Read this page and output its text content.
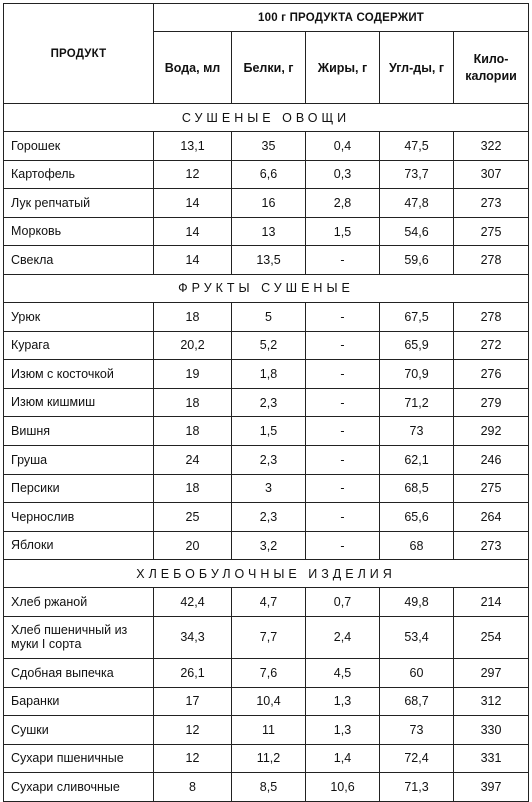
ПРОДУКТ	100 г ПРОДУКТА СОДЕРЖИТ				
	Вода, мл	Белки, г	Жиры, г	Угл-ды, г	Кило-
калории
СУШЕНЫЕ ОВОЩИ					
Горошек	13,1	35	0,4	47,5	322
Картофель	12	6,6	0,3	73,7	307
Лук репчатый	14	16	2,8	47,8	273
Морковь	14	13	1,5	54,6	275
Свекла	14	13,5	-	59,6	278
ФРУКТЫ СУШЕНЫЕ					
Урюк	18	5	-	67,5	278
Курага	20,2	5,2	-	65,9	272
Изюм с косточкой	19	1,8	-	70,9	276
Изюм кишмиш	18	2,3	-	71,2	279
Вишня	18	1,5	-	73	292
Груша	24	2,3	-	62,1	246
Персики	18	3	-	68,5	275
Чернослив	25	2,3	-	65,6	264
Яблоки	20	3,2	-	68	273
ХЛЕБОБУЛОЧНЫЕ ИЗДЕЛИЯ					
Хлеб ржаной	42,4	4,7	0,7	49,8	214
Хлеб пшеничный из муки I сорта	34,3	7,7	2,4	53,4	254
Сдобная выпечка	26,1	7,6	4,5	60	297
Баранки	17	10,4	1,3	68,7	312
Сушки	12	11	1,3	73	330
Сухари пшеничные	12	11,2	1,4	72,4	331
Сухари сливочные	8	8,5	10,6	71,3	397
